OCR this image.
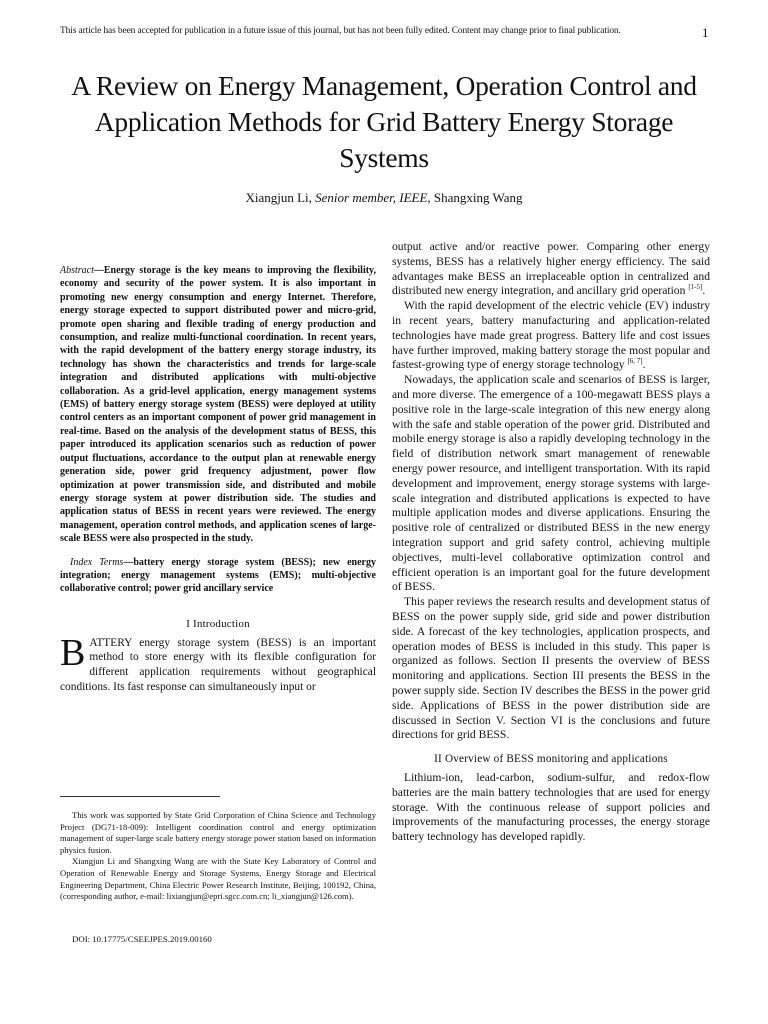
This article has been accepted for publication in a future issue of this journal, but has not been fully edited. Content may change prior to final publication.	1
A Review on Energy Management, Operation Control and Application Methods for Grid Battery Energy Storage Systems
Xiangjun Li, Senior member, IEEE, Shangxing Wang

Abstract—Energy storage is the key means to improving the flexibility, economy and security of the power system. It is also important in promoting new energy consumption and energy Internet. Therefore, energy storage expected to support distributed power and micro-grid, promote open sharing and flexible trading of energy production and consumption, and realize multi-functional coordination. In recent years, with the rapid development of the battery energy storage industry, its technology has shown the characteristics and trends for large-scale integration and distributed applications with multi-objective collaboration. As a grid-level application, energy management systems (EMS) of battery energy storage system (BESS) were deployed at utility control centers as an important component of power grid management in real-time. Based on the analysis of the development status of BESS, this paper introduced its application scenarios such as reduction of power output fluctuations, accordance to the output plan at renewable energy generation side, power grid frequency adjustment, power flow optimization at power transmission side, and distributed and mobile energy storage system at power distribution side. The studies and application status of BESS in recent years were reviewed. The energy management, operation control methods, and application scenes of large-scale BESS were also prospected in the study.

Index Terms—battery energy storage system (BESS); new energy integration; energy management systems (EMS); multi-objective collaborative control; power grid ancillary service

I Introduction

BATTERY energy storage system (BESS) is an important method to store energy with its flexible configuration for different application requirements without geographical conditions. Its fast response can simultaneously input or

This work was supported by State Grid Corporation of China Science and Technology Project (DG71-18-009): Intelligent coordination control and energy optimization management of super-large scale battery energy storage power station based on information physics fusion.

Xiangjun Li and Shangxing Wang are with the State Key Laboratory of Control and Operation of Renewable Energy and Storage Systems, Energy Storage and Electrical Engineering Department, China Electric Power Research Institute, Beijing, 100192, China, (corresponding author, e-mail: lixiangjun@epri.sgcc.com.cn; li_xiangjun@126.com).

DOI: 10.17775/CSEEJPES.2019.00160

output active and/or reactive power. Comparing other energy systems, BESS has a relatively higher energy efficiency. The said advantages make BESS an irreplaceable option in centralized and distributed new energy integration, and ancillary grid operation [1-5].

With the rapid development of the electric vehicle (EV) industry in recent years, battery manufacturing and application-related technologies have made great progress. Battery life and cost issues have further improved, making battery storage the most popular and fastest-growing type of energy storage technology [6, 7].

Nowadays, the application scale and scenarios of BESS is larger, and more diverse. The emergence of a 100-megawatt BESS plays a positive role in the large-scale integration of this new energy along with the safe and stable operation of the power grid. Distributed and mobile energy storage is also a rapidly developing technology in the field of distribution network smart management of renewable energy power resource, and intelligent transportation. With its rapid development and improvement, energy storage systems with large-scale integration and distributed applications is expected to have multiple application modes and diverse applications. Ensuring the positive role of centralized or distributed BESS in the new energy integration support and grid safety control, achieving multiple objectives, multi-level collaborative optimization control and efficient operation is an important goal for the future development of BESS.

This paper reviews the research results and development status of BESS on the power supply side, grid side and power distribution side. A forecast of the key technologies, application prospects, and operation modes of BESS is included in this study. This paper is organized as follows. Section II presents the overview of BESS monitoring and applications. Section III presents the BESS in the power supply side. Section IV describes the BESS in the power grid side. Applications of BESS in the power distribution side are discussed in Section V. Section VI is the conclusions and future directions for grid BESS.

II Overview of BESS monitoring and applications

Lithium-ion, lead-carbon, sodium-sulfur, and redox-flow batteries are the main battery technologies that are used for energy storage. With the continuous release of support policies and improvements of the manufacturing processes, the energy storage battery technology has developed rapidly.
